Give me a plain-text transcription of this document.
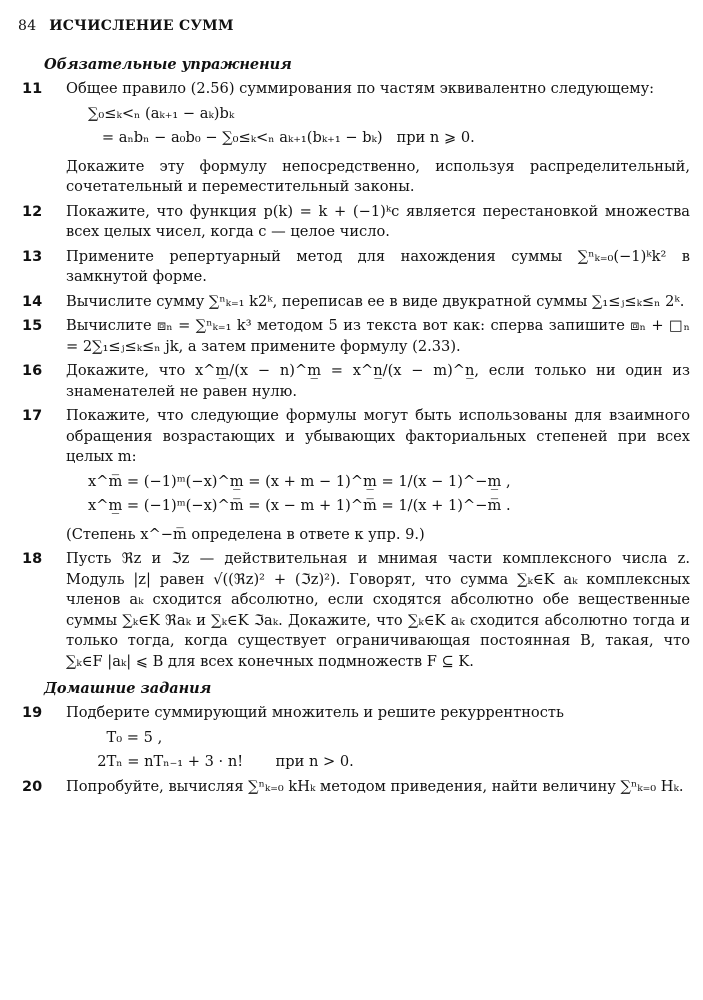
84 ИСЧИСЛЕНИЕ СУММ
Обязательные упражнения
11 Общее правило (2.56) суммирования по частям эквивалентно следующему:
∑₀≤ₖ<ₙ (aₖ₊₁ − aₖ)bₖ
= aₙbₙ − a₀b₀ − ∑₀≤ₖ<ₙ aₖ₊₁(bₖ₊₁ − bₖ)   при n ⩾ 0.
Докажите эту формулу непосредственно, используя распределительный, сочетательный и переместительный законы.
12 Покажите, что функция p(k) = k + (−1)ᵏc является перестановкой множества всех целых чисел, когда c — целое число.
13 Примените репертуарный метод для нахождения суммы ∑ⁿₖ₌₀(−1)ᵏk² в замкнутой форме.
14 Вычислите сумму ∑ⁿₖ₌₁ k2ᵏ, переписав ее в виде двукратной суммы ∑₁≤ⱼ≤ₖ≤ₙ 2ᵏ.
15 Вычислите ⧈ₙ = ∑ⁿₖ₌₁ k³ методом 5 из текста вот как: сперва запишите ⧈ₙ + □ₙ = 2∑₁≤ⱼ≤ₖ≤ₙ jk, а затем примените формулу (2.33).
16 Докажите, что x^m̲/(x − n)^m̲ = x^n̲/(x − m)^n̲, если только ни один из знаменателей не равен нулю.
17 Покажите, что следующие формулы могут быть использованы для взаимного обращения возрастающих и убывающих факториальных степеней при всех целых m:
x^m̅ = (−1)ᵐ(−x)^m̲ = (x + m − 1)^m̲ = 1/(x − 1)^−m̲ ,
x^m̲ = (−1)ᵐ(−x)^m̅ = (x − m + 1)^m̅ = 1/(x + 1)^−m̅ .
(Степень x^−m̅ определена в ответе к упр. 9.)
18 Пусть ℜz и ℑz — действительная и мнимая части комплексного числа z. Модуль |z| равен √((ℜz)² + (ℑz)²). Говорят, что сумма ∑ₖ∈K aₖ комплексных членов aₖ сходится абсолютно, если сходятся абсолютно обе вещественные суммы ∑ₖ∈K ℜaₖ и ∑ₖ∈K ℑaₖ. Докажите, что ∑ₖ∈K aₖ сходится абсолютно тогда и только тогда, когда существует ограничивающая постоянная B, такая, что ∑ₖ∈F |aₖ| ⩽ B для всех конечных подмножеств F ⊆ K.
Домашние задания
19 Подберите суммирующий множитель и решите рекуррентность
T₀ = 5 ,
2Tₙ = nTₙ₋₁ + 3 · n!       при n > 0.
20 Попробуйте, вычисляя ∑ⁿₖ₌₀ kHₖ методом приведения, найти величину ∑ⁿₖ₌₀ Hₖ.
